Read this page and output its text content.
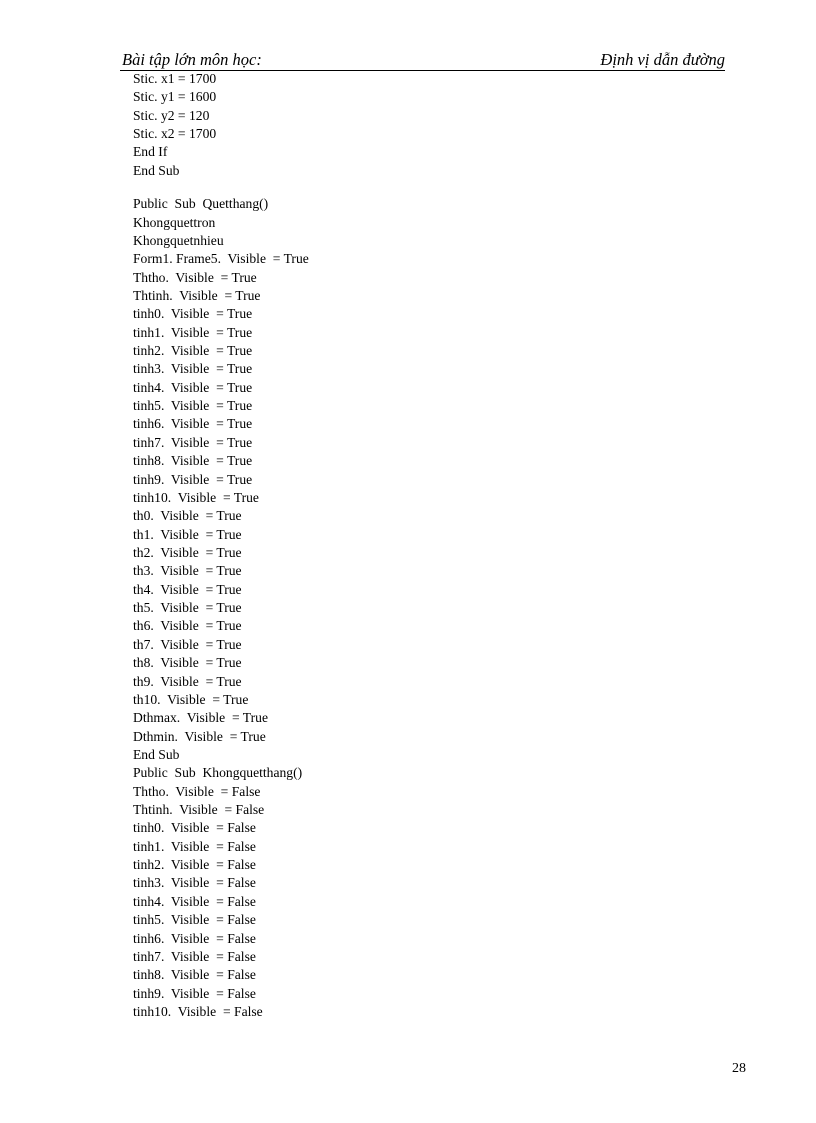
Bài tập lớn môn học:	Định vị dẫn đường
Stic. x1 = 1700
Stic. y1 = 1600
Stic. y2 = 120
Stic. x2 = 1700
End If
End Sub
Public  Sub  Quetthang()
Khongquettron
Khongquetnhieu
Form1. Frame5.  Visible  = True
Ththo.  Visible  = True
Thtinh.  Visible  = True
tinh0.  Visible  = True
tinh1.  Visible  = True
tinh2.  Visible  = True
tinh3.  Visible  = True
tinh4.  Visible  = True
tinh5.  Visible  = True
tinh6.  Visible  = True
tinh7.  Visible  = True
tinh8.  Visible  = True
tinh9.  Visible  = True
tinh10.  Visible  = True
th0.  Visible  = True
th1.  Visible  = True
th2.  Visible  = True
th3.  Visible  = True
th4.  Visible  = True
th5.  Visible  = True
th6.  Visible  = True
th7.  Visible  = True
th8.  Visible  = True
th9.  Visible  = True
th10.  Visible  = True
Dthmax.  Visible  = True
Dthmin.  Visible  = True
End Sub
Public  Sub  Khongquetthang()
Ththo.  Visible  = False
Thtinh.  Visible  = False
tinh0.  Visible  = False
tinh1.  Visible  = False
tinh2.  Visible  = False
tinh3.  Visible  = False
tinh4.  Visible  = False
tinh5.  Visible  = False
tinh6.  Visible  = False
tinh7.  Visible  = False
tinh8.  Visible  = False
tinh9.  Visible  = False
tinh10.  Visible  = False
28
